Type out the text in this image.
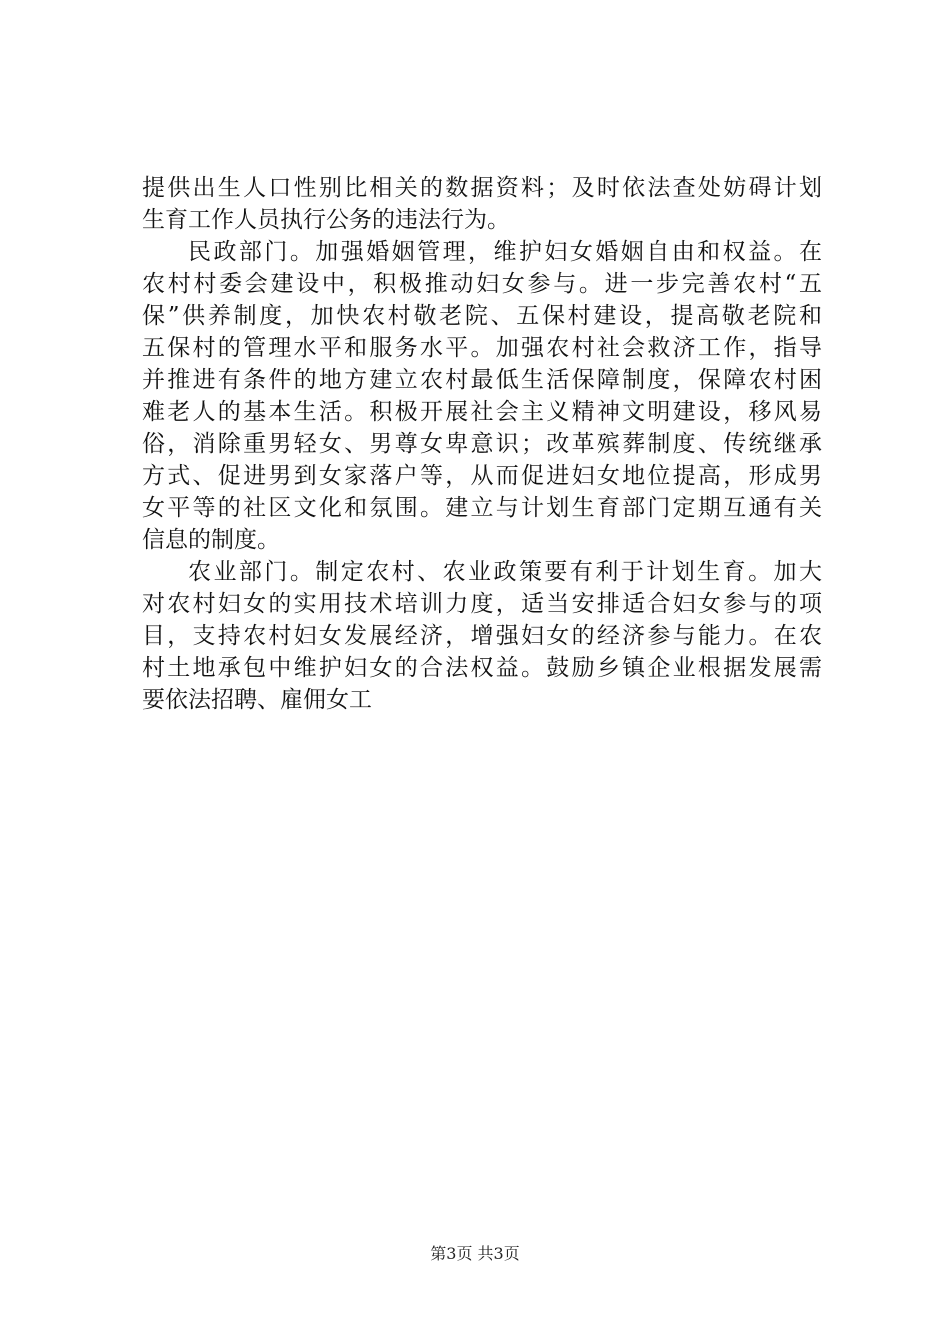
提供出生人口性别比相关的数据资料；及时依法查处妨碍计划
生育工作人员执行公务的违法行为。
民政部门。加强婚姻管理，维护妇女婚姻自由和权益。在
农村村委会建设中，积极推动妇女参与。进一步完善农村“五
保”供养制度，加快农村敬老院、五保村建设，提高敬老院和
五保村的管理水平和服务水平。加强农村社会救济工作，指导
并推进有条件的地方建立农村最低生活保障制度，保障农村困
难老人的基本生活。积极开展社会主义精神文明建设，移风易
俗，消除重男轻女、男尊女卑意识；改革殡葬制度、传统继承
方式、促进男到女家落户等，从而促进妇女地位提高，形成男
女平等的社区文化和氛围。建立与计划生育部门定期互通有关
信息的制度。
农业部门。制定农村、农业政策要有利于计划生育。加大
对农村妇女的实用技术培训力度，适当安排适合妇女参与的项
目，支持农村妇女发展经济，增强妇女的经济参与能力。在农
村土地承包中维护妇女的合法权益。鼓励乡镇企业根据发展需
要依法招聘、雇佣女工
第3页 共3页
